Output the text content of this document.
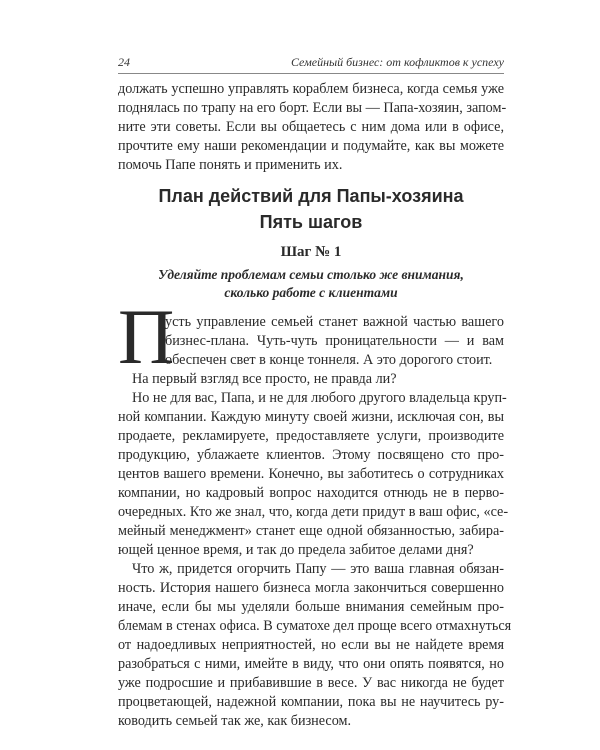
24	Семейный бизнес: от кофликтов к успеху
должать успешно управлять кораблем бизнеса, когда семья уже
поднялась по трапу на его борт. Если вы — Папа-хозяин, запом-
ните эти советы. Если вы общаетесь с ним дома или в офисе,
прочтите ему наши рекомендации и подумайте, как вы можете
помочь Папе понять и применить их.
План действий для Папы-хозяина
Пять шагов
Шаг № 1
Уделяйте проблемам семьи столько же внимания,
сколько работе с клиентами
П
усть управление семьей станет важной частью вашего
бизнес-плана. Чуть-чуть проницательности — и вам
обеспечен свет в конце тоннеля. А это дорогого стоит.
На первый взгляд все просто, не правда ли?
Но не для вас, Папа, и не для любого другого владельца круп-
ной компании. Каждую минуту своей жизни, исключая сон, вы
продаете, рекламируете, предоставляете услуги, производите
продукцию, ублажаете клиентов. Этому посвящено сто про-
центов вашего времени. Конечно, вы заботитесь о сотрудниках
компании, но кадровый вопрос находится отнюдь не в перво-
очередных. Кто же знал, что, когда дети придут в ваш офис, «се-
мейный менеджмент» станет еще одной обязанностью, забира-
ющей ценное время, и так до предела забитое делами дня?
Что ж, придется огорчить Папу — это ваша главная обязан-
ность. История нашего бизнеса могла закончиться совершенно
иначе, если бы мы уделяли больше внимания семейным про-
блемам в стенах офиса. В суматохе дел проще всего отмахнуться
от надоедливых неприятностей, но если вы не найдете время
разобраться с ними, имейте в виду, что они опять появятся, но
уже подросшие и прибавившие в весе. У вас никогда не будет
процветающей, надежной компании, пока вы не научитесь ру-
ководить семьей так же, как бизнесом.
